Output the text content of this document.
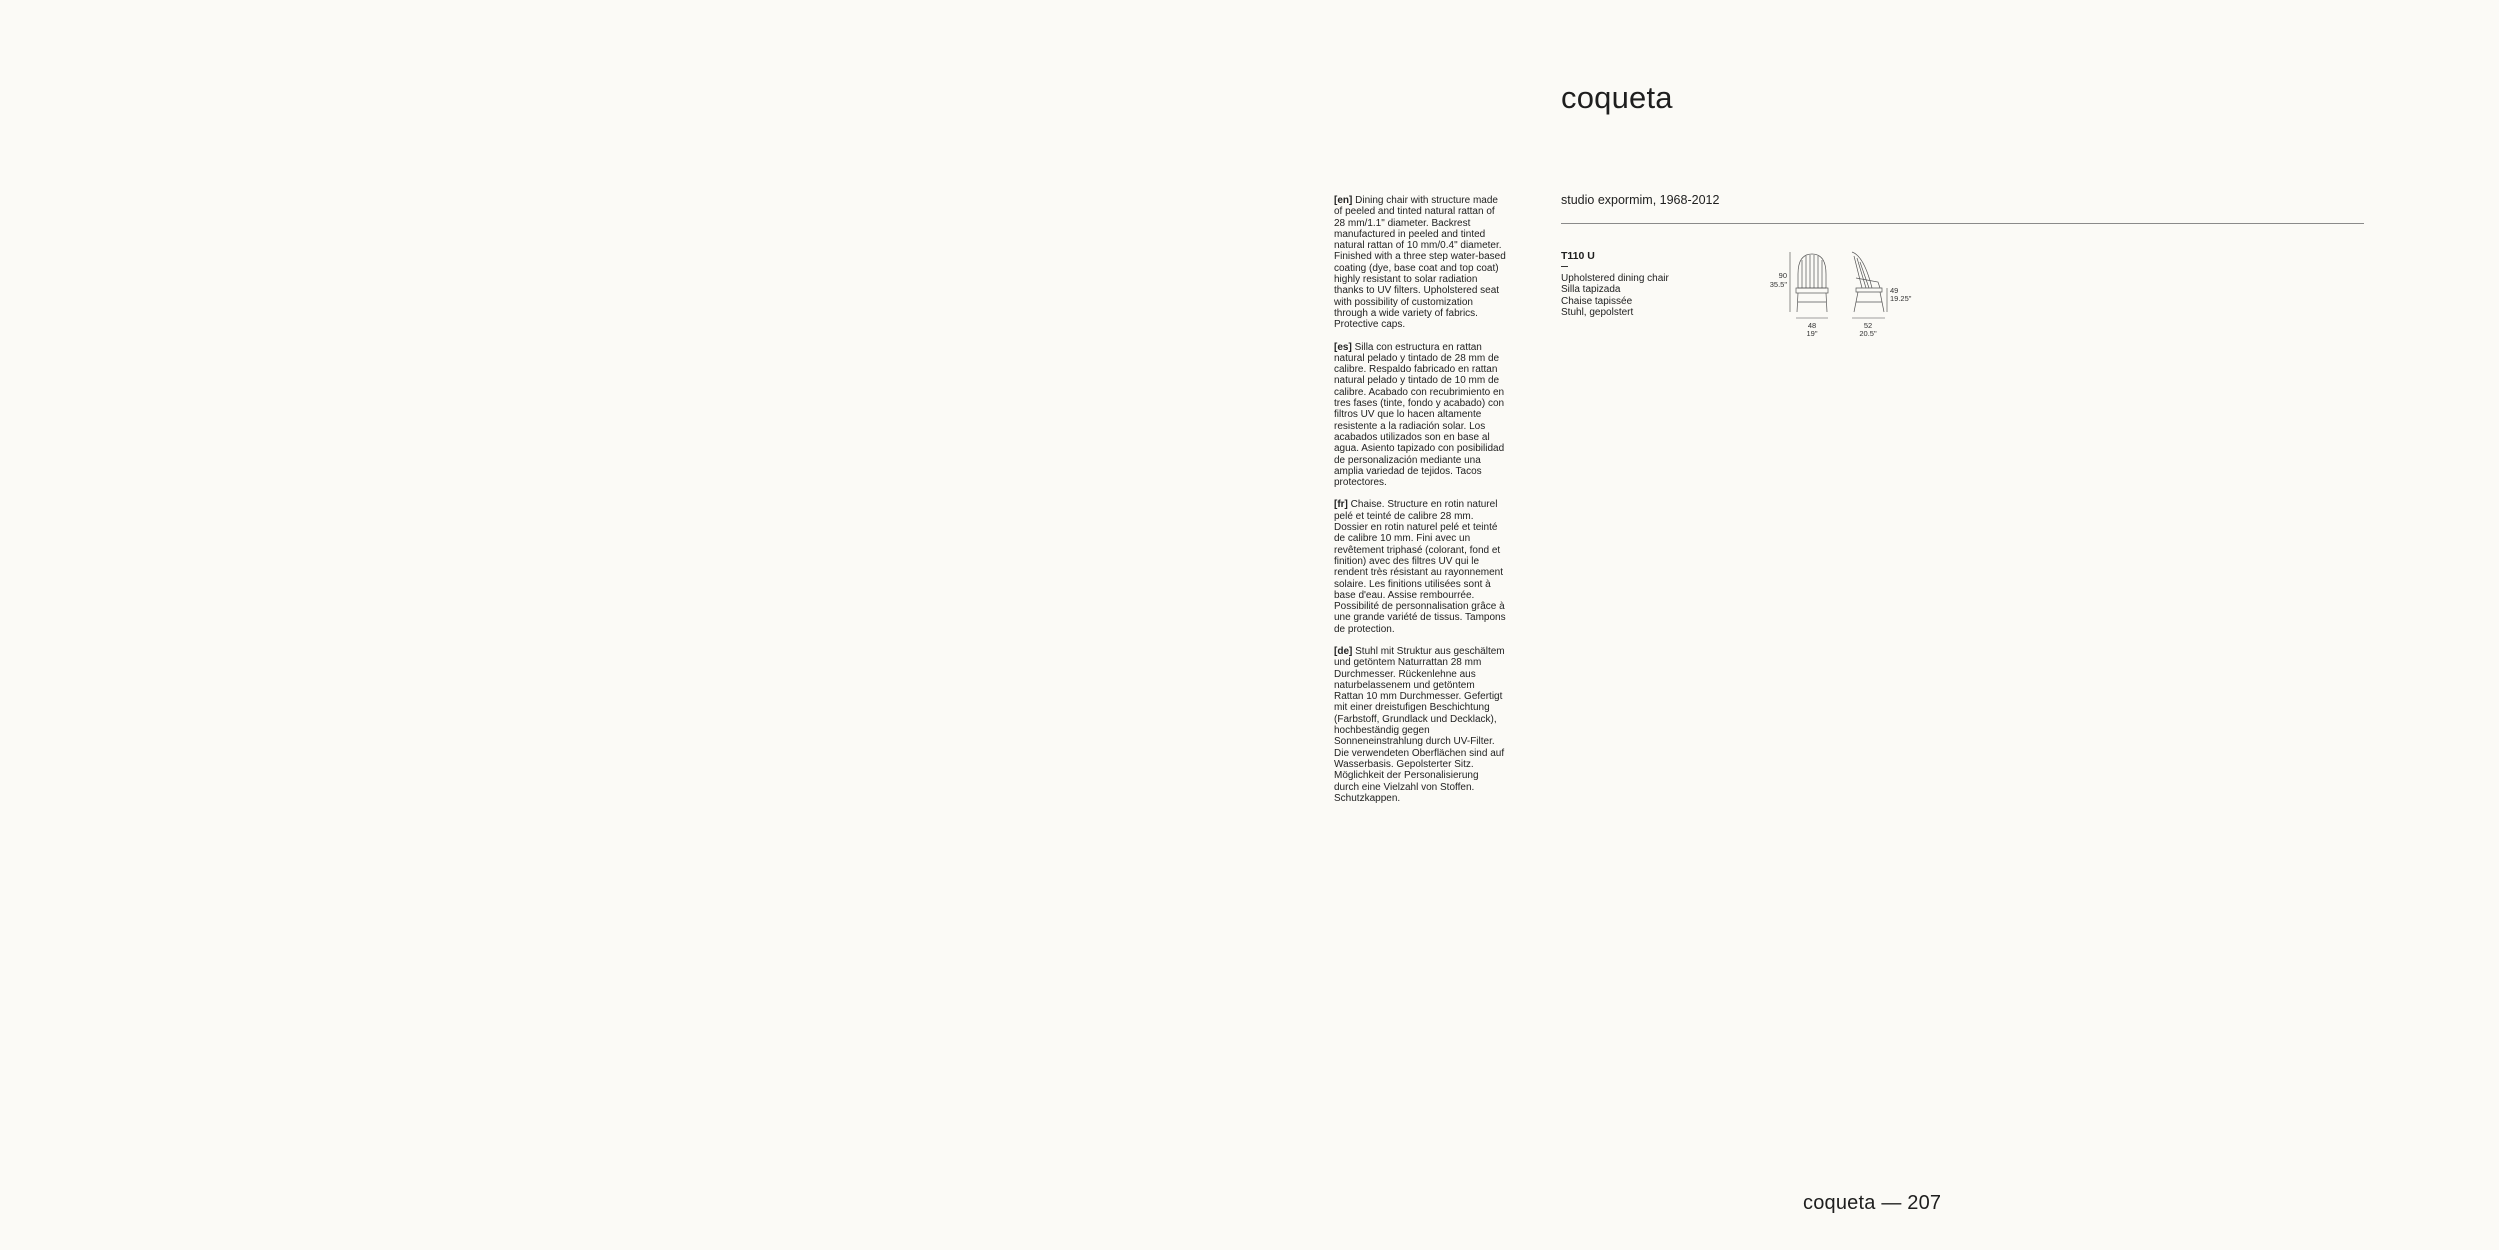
coqueta

[en] Dining chair with structure made of peeled and tinted natural rattan of 28 mm/1.1" diameter. Backrest manufactured in peeled and tinted natural rattan of 10 mm/0.4" diameter. Finished with a three step water-based coating (dye, base coat and top coat) highly resistant to solar radiation thanks to UV filters. Upholstered seat with possibility of customization through a wide variety of fabrics. Protective caps.

[es] Silla con estructura en rattan natural pelado y tintado de 28 mm de calibre. Respaldo fabricado en rattan natural pelado y tintado de 10 mm de calibre. Acabado con recubrimiento en tres fases (tinte, fondo y acabado) con filtros UV que lo hacen altamente resistente a la radiación solar. Los acabados utilizados son en base al agua. Asiento tapizado con posibilidad de personalización mediante una amplia variedad de tejidos. Tacos protectores.

[fr] Chaise. Structure en rotin naturel pelé et teinté de calibre 28 mm. Dossier en rotin naturel pelé et teinté de calibre 10 mm. Fini avec un revêtement triphasé (colorant, fond et finition) avec des filtres UV qui le rendent très résistant au rayonnement solaire. Les finitions utilisées sont à base d'eau. Assise rembourrée. Possibilité de personnalisation grâce à une grande variété de tissus. Tampons de protection.

[de] Stuhl mit Struktur aus geschältem und getöntem Naturrattan 28 mm Durchmesser. Rückenlehne aus naturbelassenem und getöntem Rattan 10 mm Durchmesser. Gefertigt mit einer dreistufigen Beschichtung (Farbstoff, Grundlack und Decklack), hochbeständig gegen Sonneneinstrahlung durch UV-Filter. Die verwendeten Oberflächen sind auf Wasserbasis. Gepolsterter Sitz. Möglichkeit der Personalisierung durch eine Vielzahl von Stoffen. Schutzkappen.

studio expormim, 1968-2012
T110 U
Upholstered dining chair
Silla tapizada
Chaise tapissée
Stuhl, gepolstert
90
35.5"
49
19.25"
48
19"
52
20.5"
coqueta — 207
